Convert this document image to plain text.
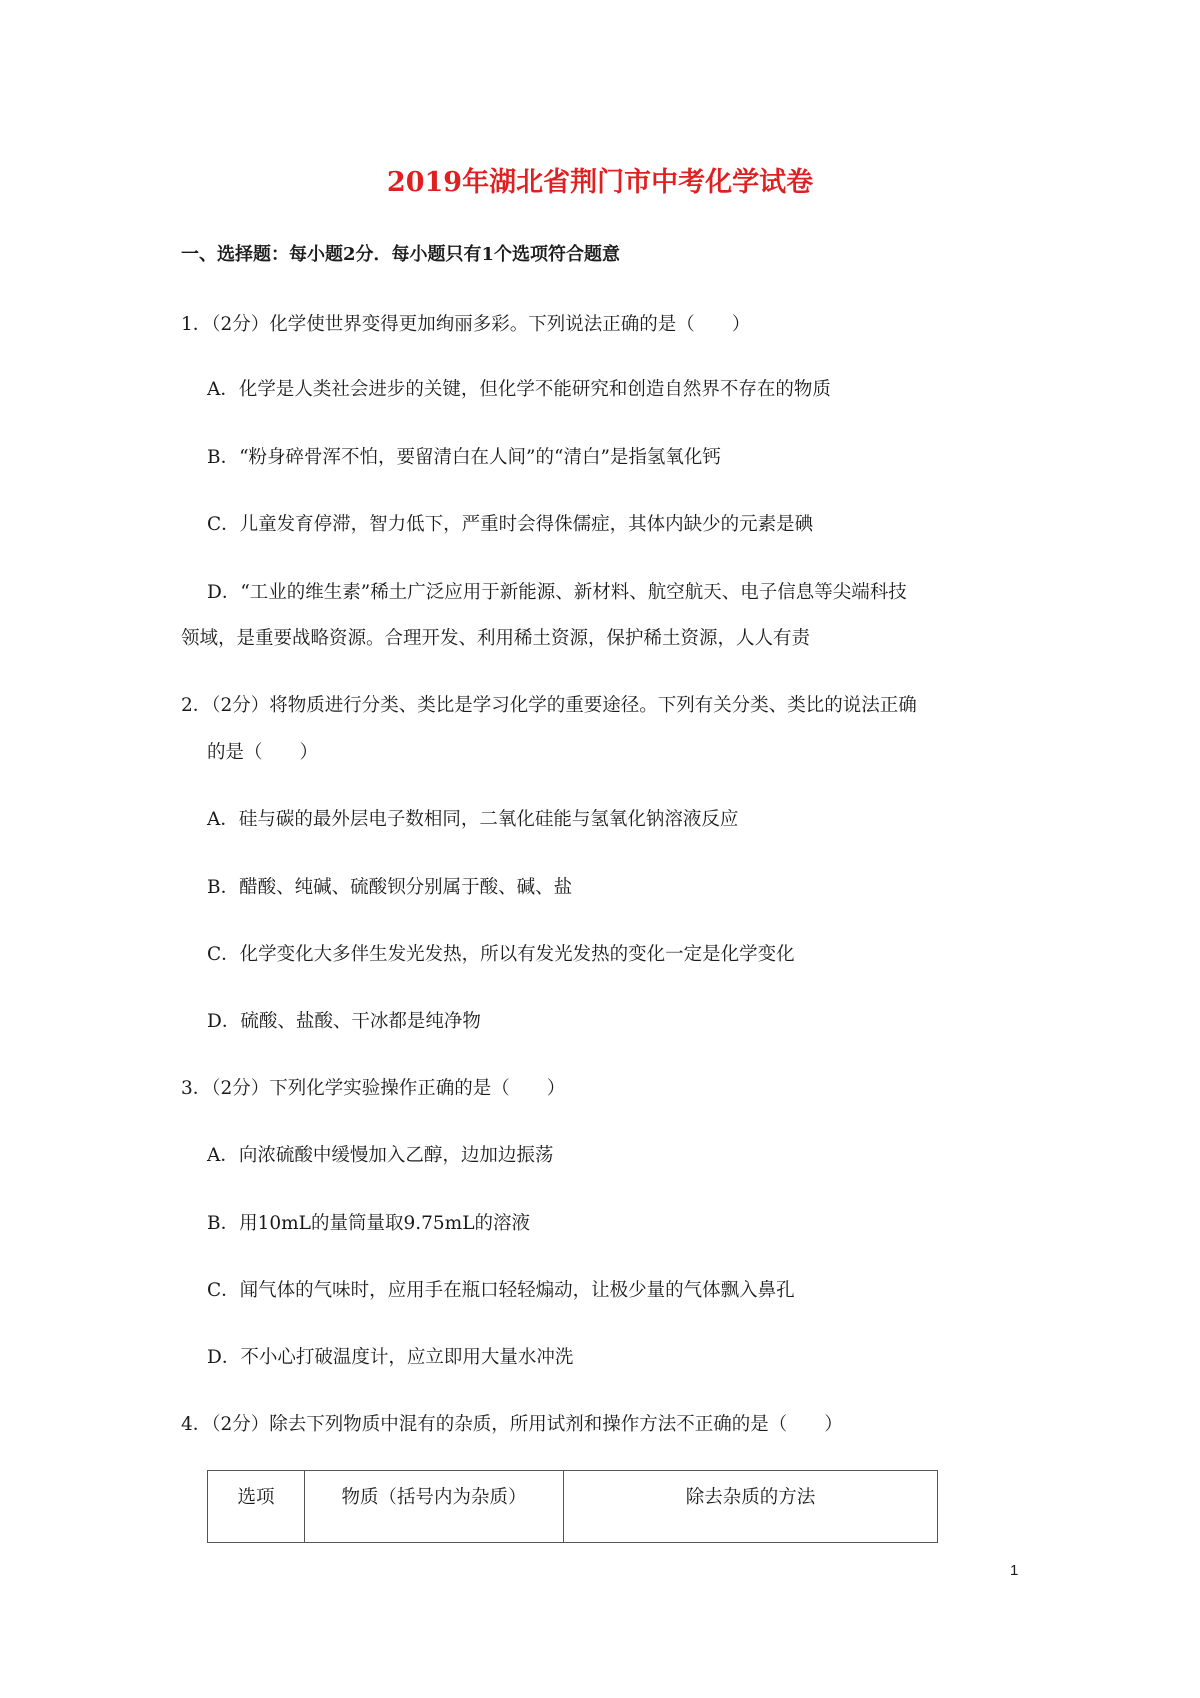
2019年湖北省荆门市中考化学试卷
一、选择题：每小题2分．每小题只有1个选项符合题意
1．（2分）化学使世界变得更加绚丽多彩。下列说法正确的是（　　）
A．化学是人类社会进步的关键，但化学不能研究和创造自然界不存在的物质
B．“粉身碎骨浑不怕，要留清白在人间”的“清白”是指氢氧化钙
C．儿童发育停滞，智力低下，严重时会得侏儒症，其体内缺少的元素是碘
D．“工业的维生素”稀土广泛应用于新能源、新材料、航空航天、电子信息等尖端科技
领域，是重要战略资源。合理开发、利用稀土资源，保护稀土资源，人人有责
2．（2分）将物质进行分类、类比是学习化学的重要途径。下列有关分类、类比的说法正确
的是（　　）
A．硅与碳的最外层电子数相同，二氧化硅能与氢氧化钠溶液反应
B．醋酸、纯碱、硫酸钡分别属于酸、碱、盐
C．化学变化大多伴生发光发热，所以有发光发热的变化一定是化学变化
D．硫酸、盐酸、干冰都是纯净物
3．（2分）下列化学实验操作正确的是（　　）
A．向浓硫酸中缓慢加入乙醇，边加边振荡
B．用10mL的量筒量取9.75mL的溶液
C．闻气体的气味时，应用手在瓶口轻轻煽动，让极少量的气体飘入鼻孔
D．不小心打破温度计，应立即用大量水冲洗
4．（2分）除去下列物质中混有的杂质，所用试剂和操作方法不正确的是（　　）
选项	物质（括号内为杂质）	除去杂质的方法
1
